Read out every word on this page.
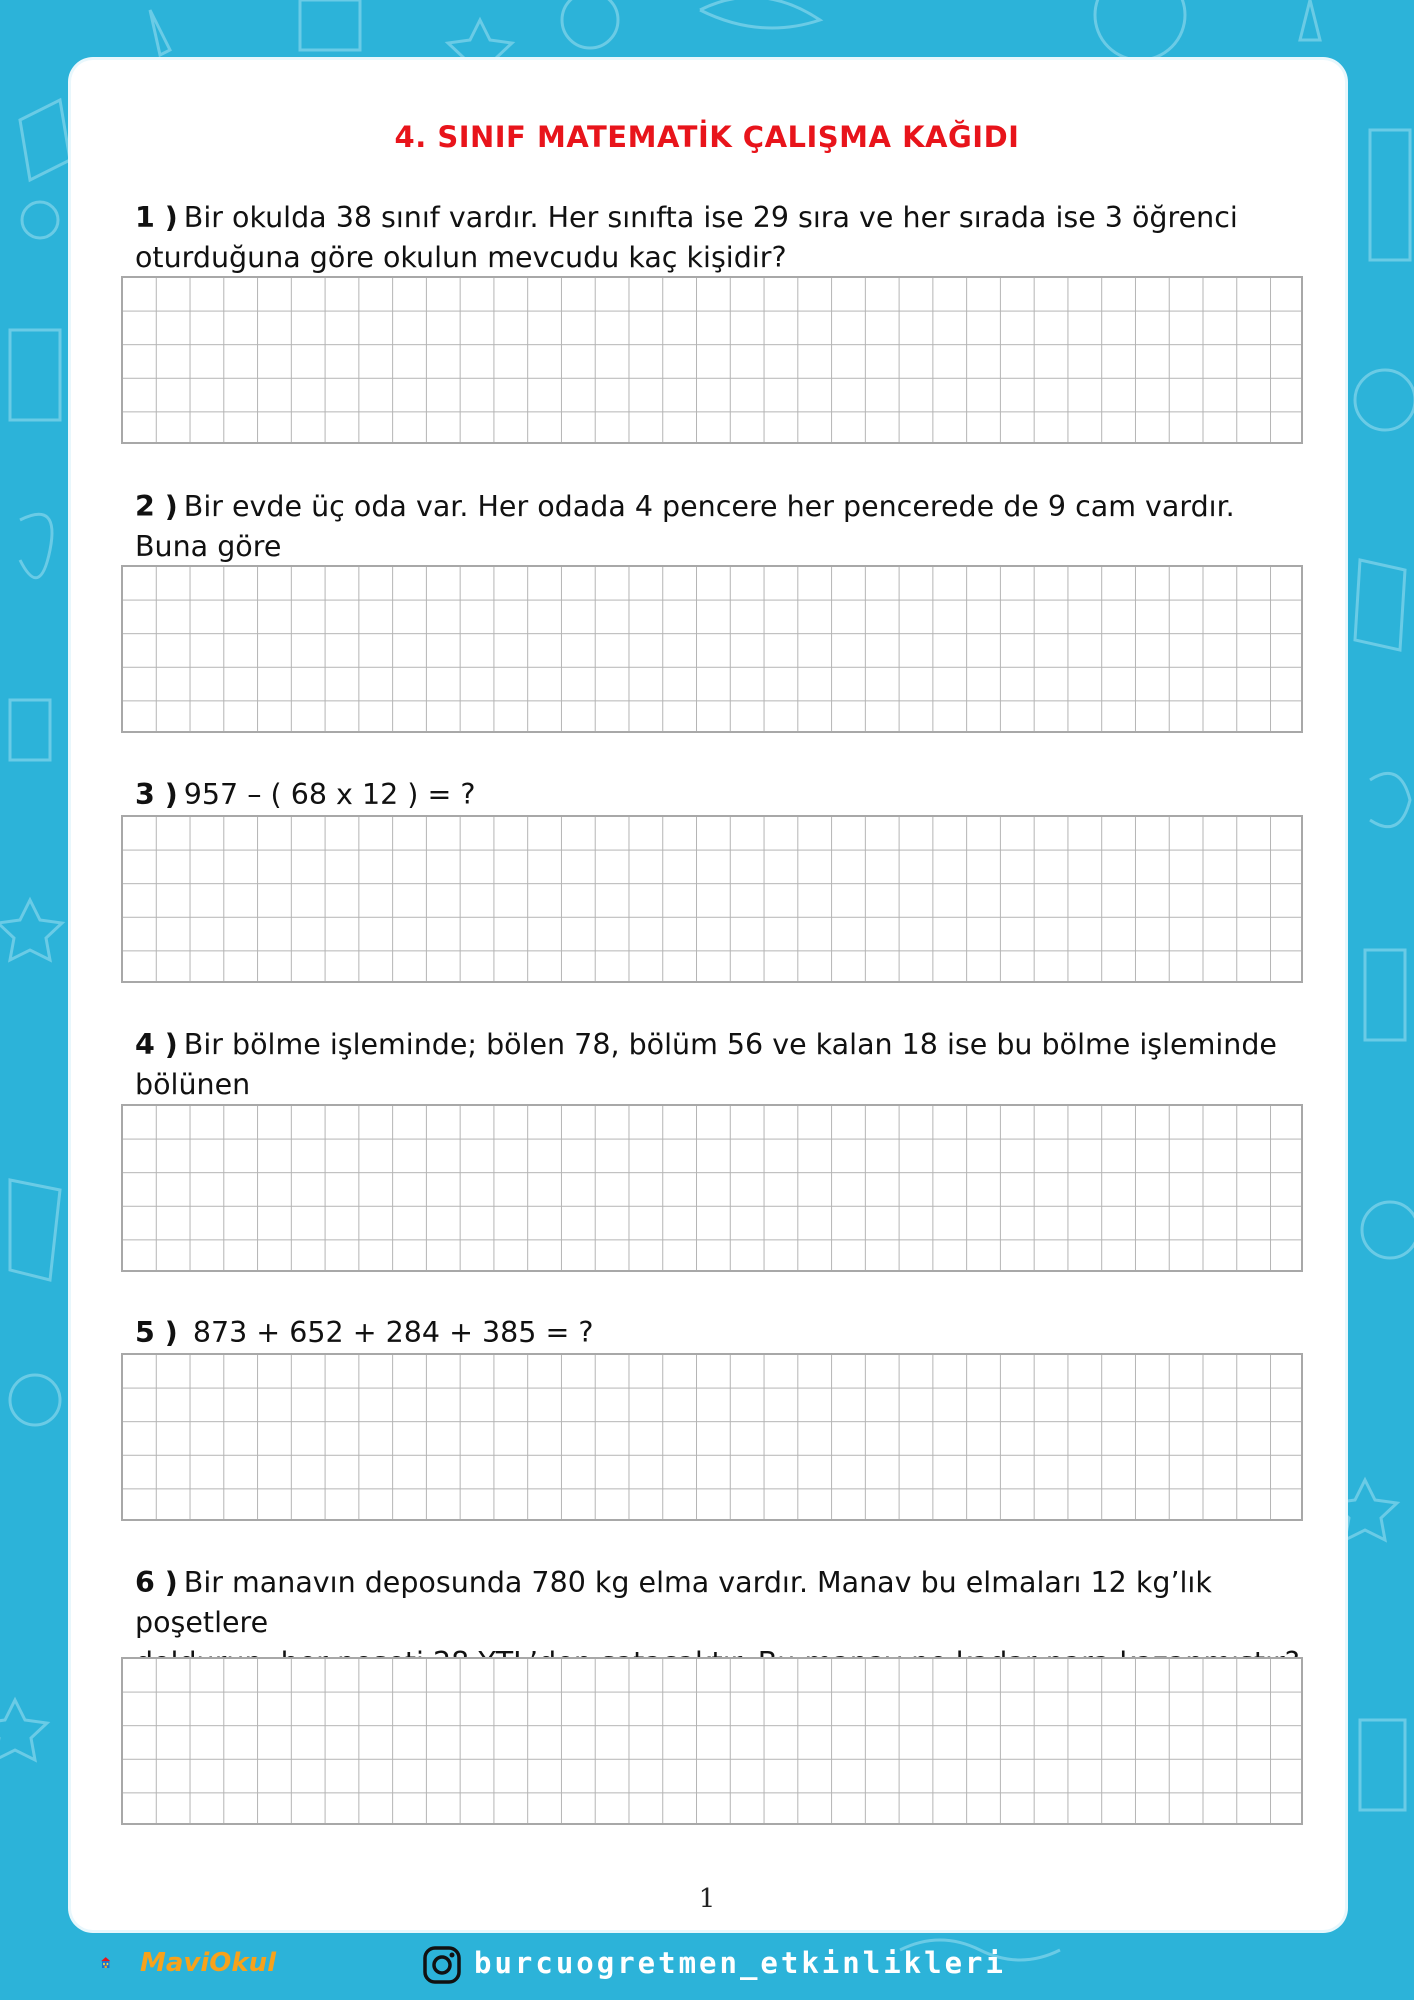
4. SINIF MATEMATİK ÇALIŞMA KAĞIDI
1 ) Bir okulda 38 sınıf vardır. Her sınıfta ise 29 sıra ve her sırada ise 3 öğrenci
oturduğuna göre okulun mevcudu kaç kişidir?
2 ) Bir evde üç oda var. Her odada 4 pencere her pencerede de 9 cam vardır. Buna göre
3 ) 957 – ( 68 x 12 ) = ?
4 ) Bir bölme işleminde; bölen 78, bölüm 56 ve kalan 18 ise bu bölme işleminde bölünen
5 ) 873 + 652 + 284 + 385 = ?
6 ) Bir manavın deposunda 780 kg elma vardır. Manav bu elmaları 12 kg’lık poşetlere
1
MaviOkul	burcuogretmen_etkinlikleri
